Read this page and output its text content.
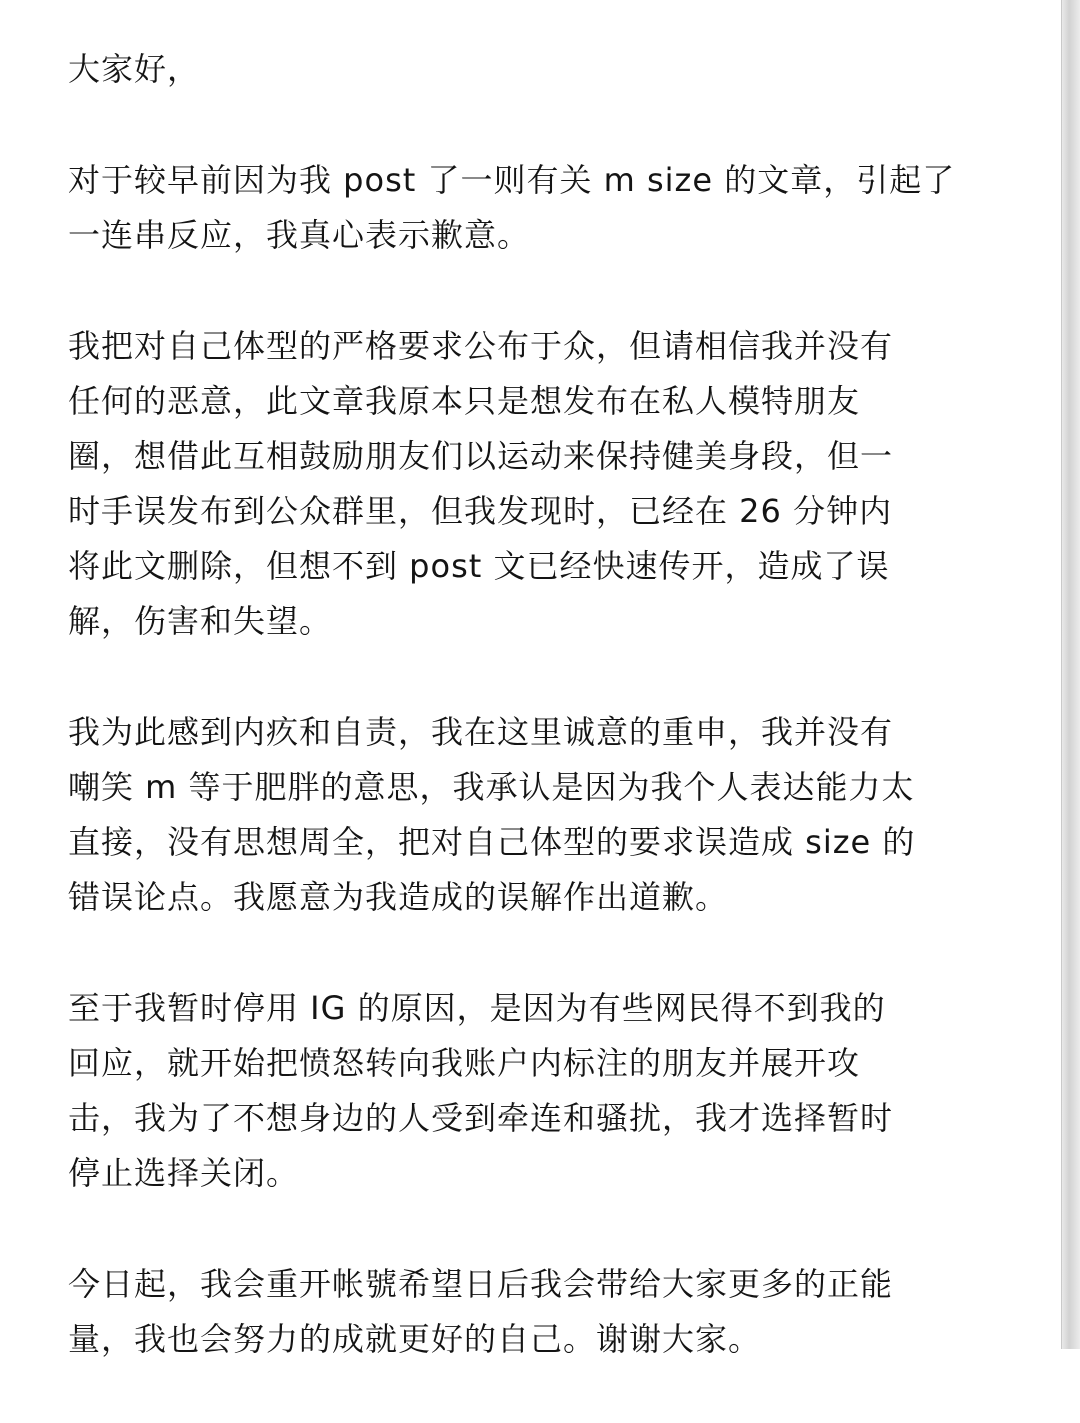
大家好，

对于较早前因为我 post 了一则有关 m size 的文章，引起了
一连串反应，我真心表示歉意。

我把对自己体型的严格要求公布于众，但请相信我并没有
任何的恶意，此文章我原本只是想发布在私人模特朋友
圈，想借此互相鼓励朋友们以运动来保持健美身段，但一
时手误发布到公众群里，但我发现时，已经在 26 分钟内
将此文删除，但想不到 post 文已经快速传开，造成了误
解，伤害和失望。

我为此感到内疚和自责，我在这里诚意的重申，我并没有
嘲笑 m 等于肥胖的意思，我承认是因为我个人表达能力太
直接，没有思想周全，把对自己体型的要求误造成 size 的
错误论点。我愿意为我造成的误解作出道歉。

至于我暂时停用 IG 的原因，是因为有些网民得不到我的
回应，就开始把愤怒转向我账户内标注的朋友并展开攻
击，我为了不想身边的人受到牵连和骚扰，我才选择暂时
停止选择关闭。

今日起，我会重开帐號希望日后我会带给大家更多的正能
量，我也会努力的成就更好的自己。谢谢大家。
